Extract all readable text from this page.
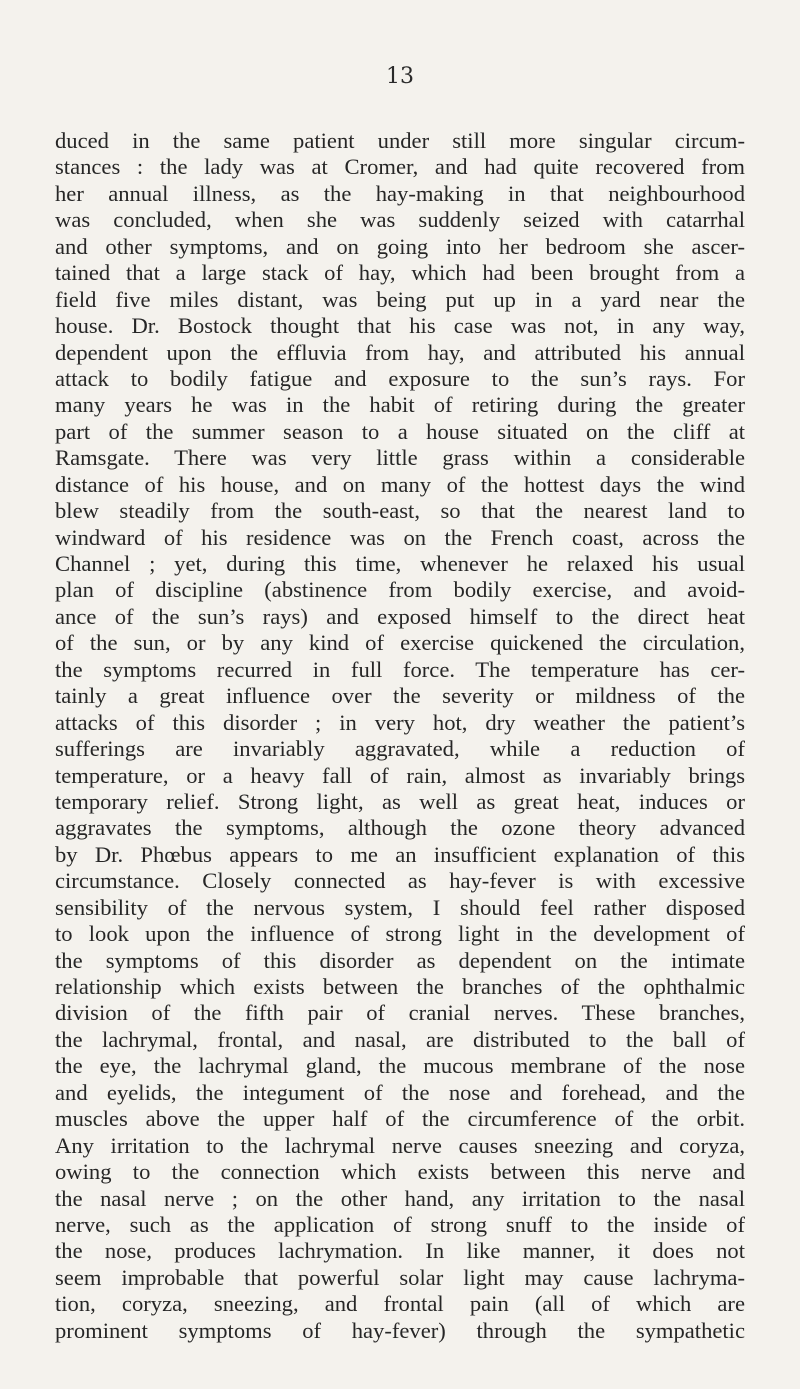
13
duced in the same patient under still more singular circum-
stances : the lady was at Cromer, and had quite recovered from
her annual illness, as the hay-making in that neighbourhood
was concluded, when she was suddenly seized with catarrhal
and other symptoms, and on going into her bedroom she ascer-
tained that a large stack of hay, which had been brought from a
field five miles distant, was being put up in a yard near the
house. Dr. Bostock thought that his case was not, in any way,
dependent upon the effluvia from hay, and attributed his annual
attack to bodily fatigue and exposure to the sun’s rays. For
many years he was in the habit of retiring during the greater
part of the summer season to a house situated on the cliff at
Ramsgate. There was very little grass within a considerable
distance of his house, and on many of the hottest days the wind
blew steadily from the south-east, so that the nearest land to
windward of his residence was on the French coast, across the
Channel ; yet, during this time, whenever he relaxed his usual
plan of discipline (abstinence from bodily exercise, and avoid-
ance of the sun’s rays) and exposed himself to the direct heat
of the sun, or by any kind of exercise quickened the circulation,
the symptoms recurred in full force. The temperature has cer-
tainly a great influence over the severity or mildness of the
attacks of this disorder ; in very hot, dry weather the patient’s
sufferings are invariably aggravated, while a reduction of
temperature, or a heavy fall of rain, almost as invariably brings
temporary relief. Strong light, as well as great heat, induces or
aggravates the symptoms, although the ozone theory advanced
by Dr. Phœbus appears to me an insufficient explanation of this
circumstance. Closely connected as hay-fever is with excessive
sensibility of the nervous system, I should feel rather disposed
to look upon the influence of strong light in the development of
the symptoms of this disorder as dependent on the intimate
relationship which exists between the branches of the ophthalmic
division of the fifth pair of cranial nerves. These branches,
the lachrymal, frontal, and nasal, are distributed to the ball of
the eye, the lachrymal gland, the mucous membrane of the nose
and eyelids, the integument of the nose and forehead, and the
muscles above the upper half of the circumference of the orbit.
Any irritation to the lachrymal nerve causes sneezing and coryza,
owing to the connection which exists between this nerve and
the nasal nerve ; on the other hand, any irritation to the nasal
nerve, such as the application of strong snuff to the inside of
the nose, produces lachrymation. In like manner, it does not
seem improbable that powerful solar light may cause lachryma-
tion, coryza, sneezing, and frontal pain (all of which are
prominent symptoms of hay-fever) through the sympathetic
